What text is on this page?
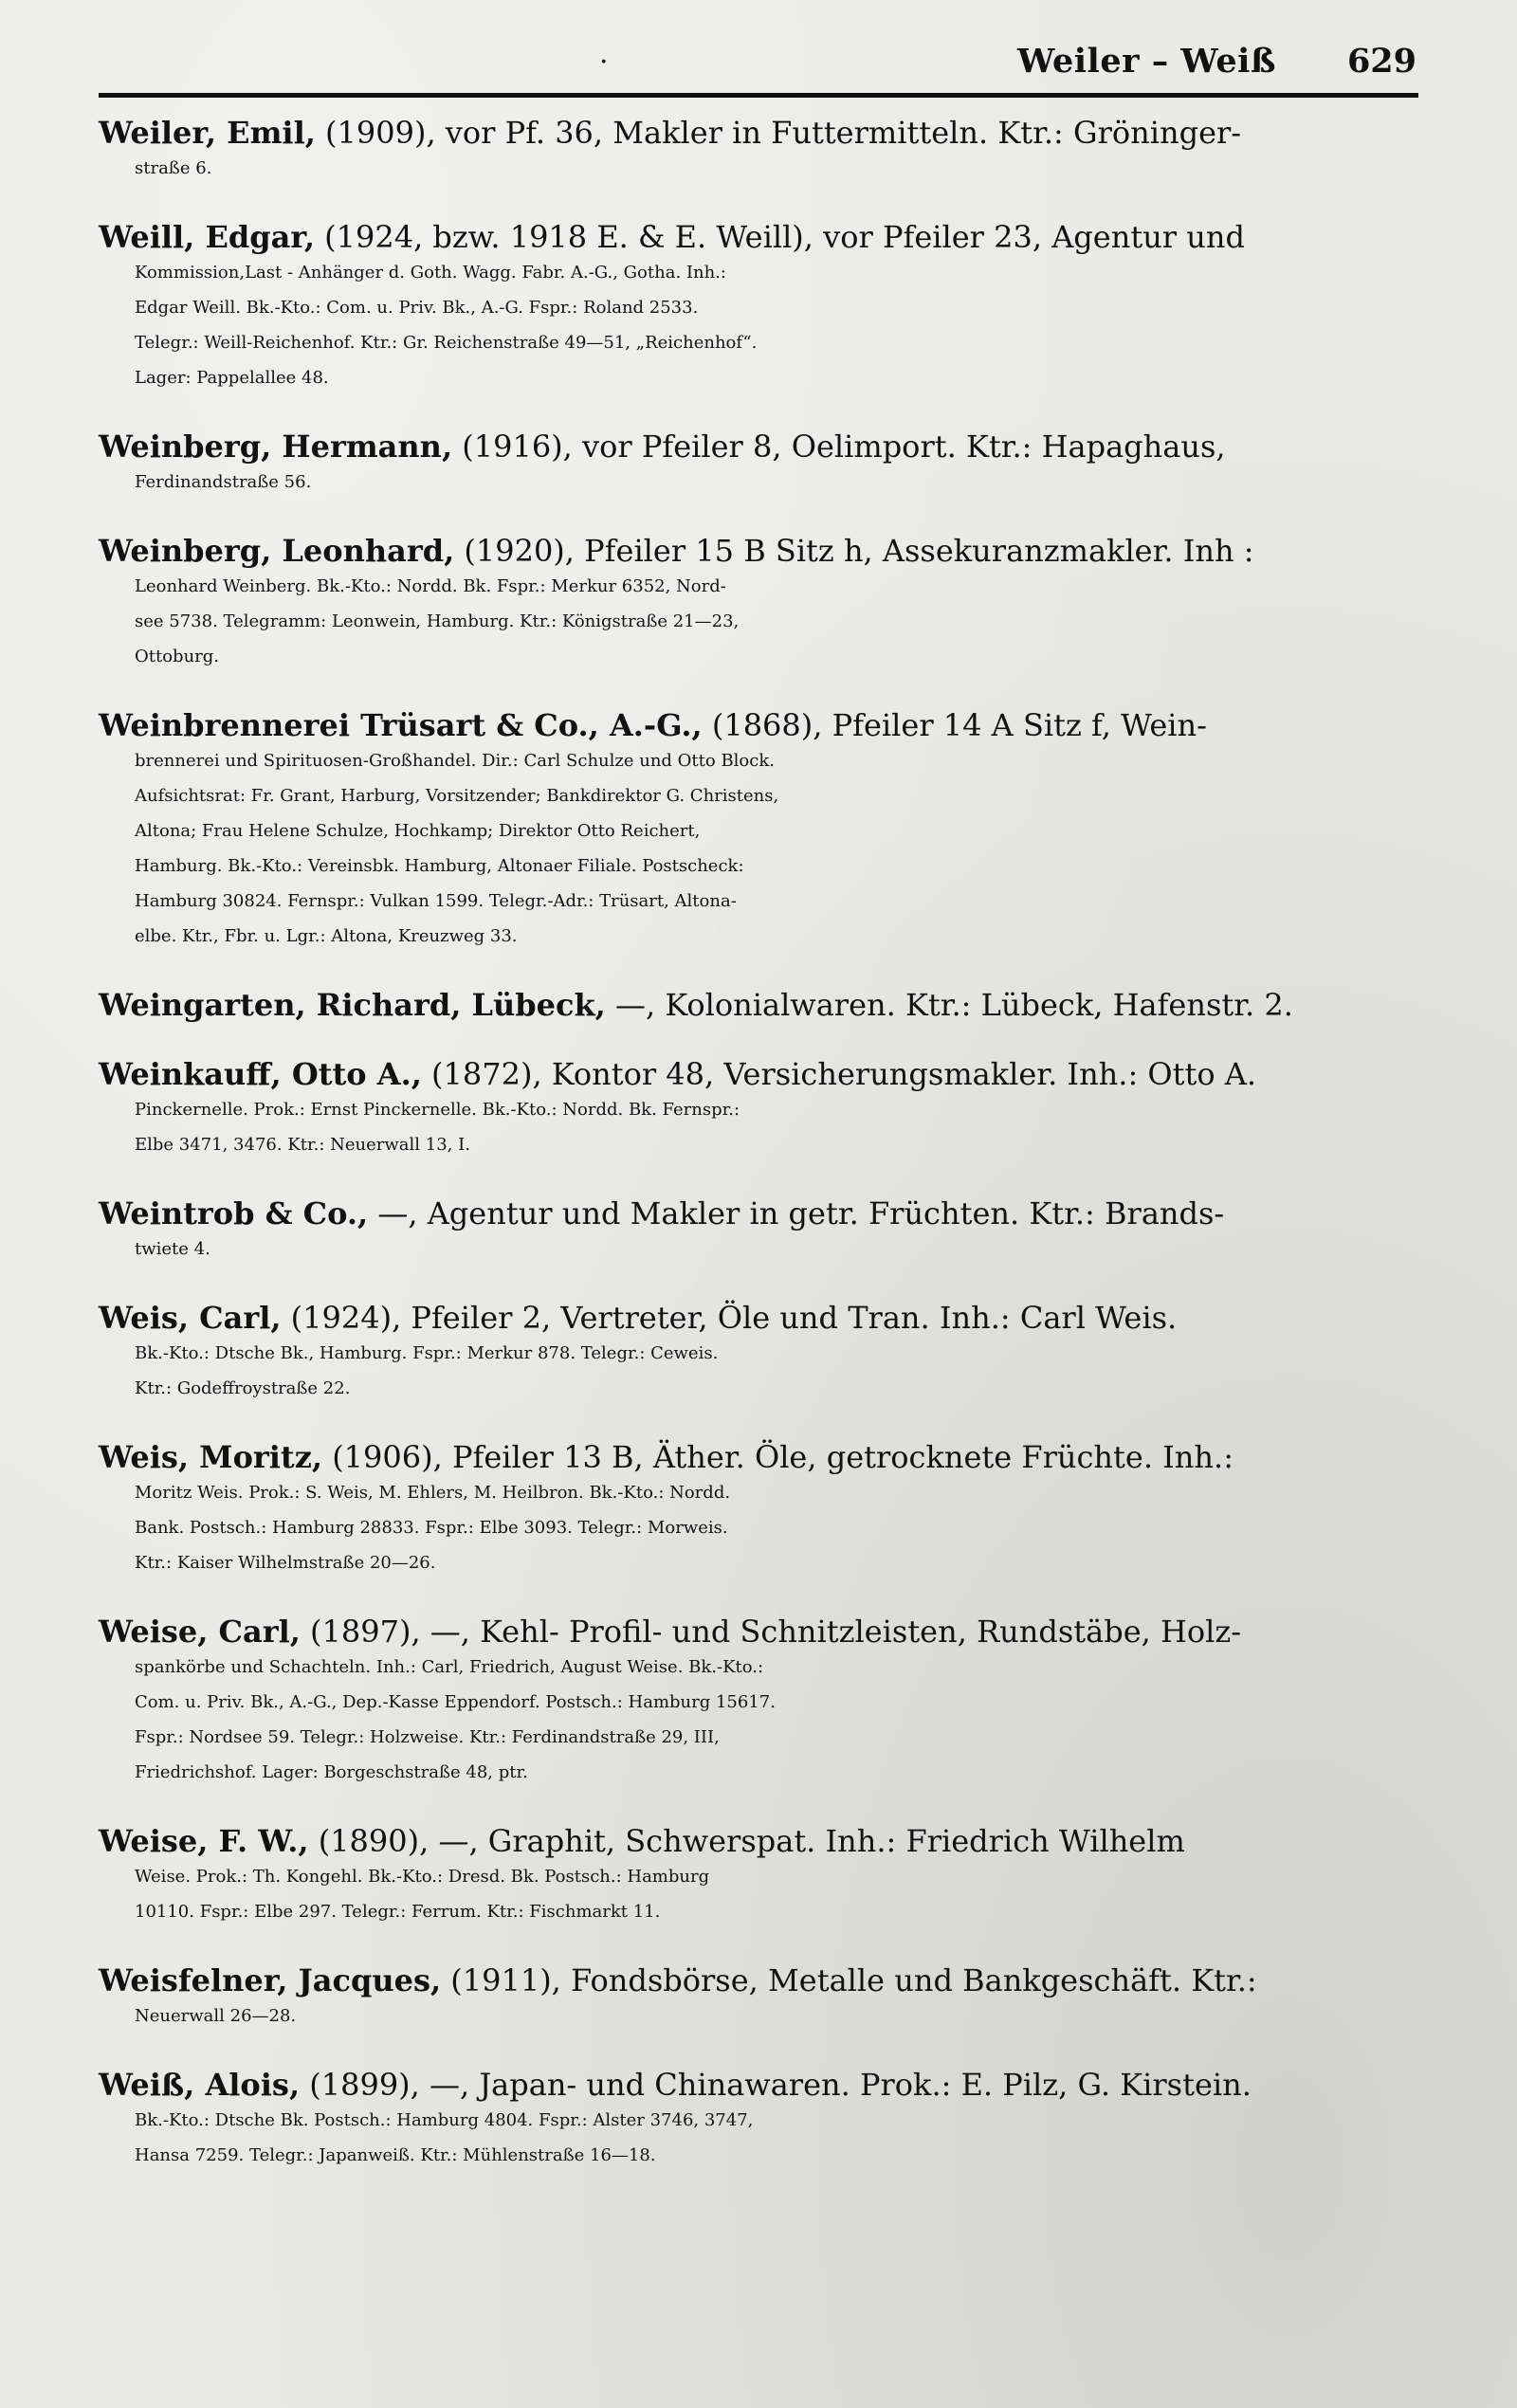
·	Weiler – Weiß 629
Weiler, Emil, (1909), vor Pf. 36, Makler in Futtermitteln. Ktr.: Gröninger-
straße 6.
Weill, Edgar, (1924, bzw. 1918 E. & E. Weill), vor Pfeiler 23, Agentur und
Kommission,Last - Anhänger d. Goth. Wagg. Fabr. A.-G., Gotha. Inh.:
Edgar Weill. Bk.-Kto.: Com. u. Priv. Bk., A.-G. Fspr.: Roland 2533.
Telegr.: Weill-Reichenhof. Ktr.: Gr. Reichenstraße 49—51, „Reichenhof“.
Lager: Pappelallee 48.
Weinberg, Hermann, (1916), vor Pfeiler 8, Oelimport. Ktr.: Hapaghaus,
Ferdinandstraße 56.
Weinberg, Leonhard, (1920), Pfeiler 15 B Sitz h, Assekuranzmakler. Inh :
Leonhard Weinberg. Bk.-Kto.: Nordd. Bk. Fspr.: Merkur 6352, Nord-
see 5738. Telegramm: Leonwein, Hamburg. Ktr.: Königstraße 21—23,
Ottoburg.
Weinbrennerei Trüsart & Co., A.-G., (1868), Pfeiler 14 A Sitz f, Wein-
brennerei und Spirituosen-Großhandel. Dir.: Carl Schulze und Otto Block.
Aufsichtsrat: Fr. Grant, Harburg, Vorsitzender; Bankdirektor G. Christens,
Altona; Frau Helene Schulze, Hochkamp; Direktor Otto Reichert,
Hamburg. Bk.-Kto.: Vereinsbk. Hamburg, Altonaer Filiale. Postscheck:
Hamburg 30824. Fernspr.: Vulkan 1599. Telegr.-Adr.: Trüsart, Altona-
elbe. Ktr., Fbr. u. Lgr.: Altona, Kreuzweg 33.
Weingarten, Richard, Lübeck, —, Kolonialwaren. Ktr.: Lübeck, Hafenstr. 2.
Weinkauff, Otto A., (1872), Kontor 48, Versicherungsmakler. Inh.: Otto A.
Pinckernelle. Prok.: Ernst Pinckernelle. Bk.-Kto.: Nordd. Bk. Fernspr.:
Elbe 3471, 3476. Ktr.: Neuerwall 13, I.
Weintrob & Co., —, Agentur und Makler in getr. Früchten. Ktr.: Brands-
twiete 4.
Weis, Carl, (1924), Pfeiler 2, Vertreter, Öle und Tran. Inh.: Carl Weis.
Bk.-Kto.: Dtsche Bk., Hamburg. Fspr.: Merkur 878. Telegr.: Ceweis.
Ktr.: Godeffroystraße 22.
Weis, Moritz, (1906), Pfeiler 13 B, Äther. Öle, getrocknete Früchte. Inh.:
Moritz Weis. Prok.: S. Weis, M. Ehlers, M. Heilbron. Bk.-Kto.: Nordd.
Bank. Postsch.: Hamburg 28833. Fspr.: Elbe 3093. Telegr.: Morweis.
Ktr.: Kaiser Wilhelmstraße 20—26.
Weise, Carl, (1897), —, Kehl- Profil- und Schnitzleisten, Rundstäbe, Holz-
spankörbe und Schachteln. Inh.: Carl, Friedrich, August Weise. Bk.-Kto.:
Com. u. Priv. Bk., A.-G., Dep.-Kasse Eppendorf. Postsch.: Hamburg 15617.
Fspr.: Nordsee 59. Telegr.: Holzweise. Ktr.: Ferdinandstraße 29, III,
Friedrichshof. Lager: Borgeschstraße 48, ptr.
Weise, F. W., (1890), —, Graphit, Schwerspat. Inh.: Friedrich Wilhelm
Weise. Prok.: Th. Kongehl. Bk.-Kto.: Dresd. Bk. Postsch.: Hamburg
10110. Fspr.: Elbe 297. Telegr.: Ferrum. Ktr.: Fischmarkt 11.
Weisfelner, Jacques, (1911), Fondsbörse, Metalle und Bankgeschäft. Ktr.:
Neuerwall 26—28.
Weiß, Alois, (1899), —, Japan- und Chinawaren. Prok.: E. Pilz, G. Kirstein.
Bk.-Kto.: Dtsche Bk. Postsch.: Hamburg 4804. Fspr.: Alster 3746, 3747,
Hansa 7259. Telegr.: Japanweiß. Ktr.: Mühlenstraße 16—18.
